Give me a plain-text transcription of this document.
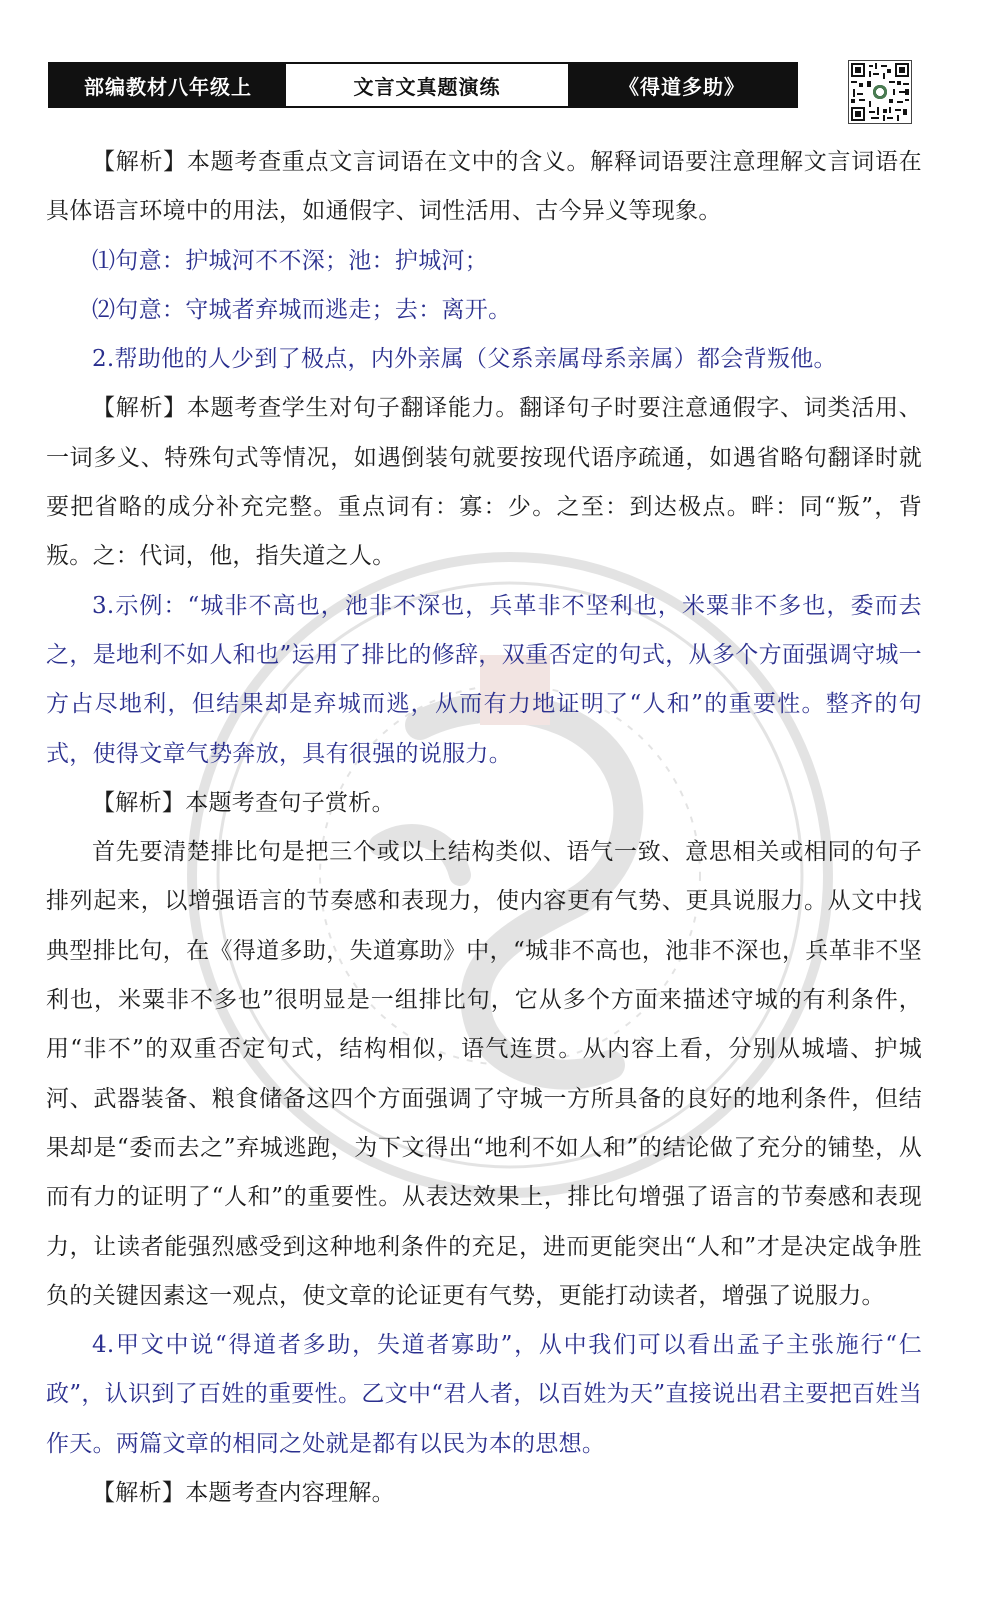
部编教材八年级上	文言文真题演练	《得道多助》

【解析】本题考查重点文言词语在文中的含义。解释词语要注意理解文言词语在具体语言环境中的用法，如通假字、词性活用、古今异义等现象。

⑴句意：护城河不不深；池：护城河；

⑵句意：守城者弃城而逃走；去：离开。

2.帮助他的人少到了极点，内外亲属（父系亲属母系亲属）都会背叛他。

【解析】本题考查学生对句子翻译能力。翻译句子时要注意通假字、词类活用、一词多义、特殊句式等情况，如遇倒装句就要按现代语序疏通，如遇省略句翻译时就要把省略的成分补充完整。重点词有：寡：少。之至：到达极点。畔：同“叛”，背叛。之：代词，他，指失道之人。

3.示例：“城非不高也，池非不深也，兵革非不坚利也，米粟非不多也，委而去之，是地利不如人和也”运用了排比的修辞，双重否定的句式，从多个方面强调守城一方占尽地利，但结果却是弃城而逃，从而有力地证明了“人和”的重要性。整齐的句式，使得文章气势奔放，具有很强的说服力。

【解析】本题考查句子赏析。

首先要清楚排比句是把三个或以上结构类似、语气一致、意思相关或相同的句子排列起来，以增强语言的节奏感和表现力，使内容更有气势、更具说服力。从文中找典型排比句，在《得道多助，失道寡助》中，“城非不高也，池非不深也，兵革非不坚利也，米粟非不多也”很明显是一组排比句，它从多个方面来描述守城的有利条件，用“非不”的双重否定句式，结构相似，语气连贯。从内容上看，分别从城墙、护城河、武器装备、粮食储备这四个方面强调了守城一方所具备的良好的地利条件，但结果却是“委而去之”弃城逃跑，为下文得出“地利不如人和”的结论做了充分的铺垫，从而有力的证明了“人和”的重要性。从表达效果上，排比句增强了语言的节奏感和表现力，让读者能强烈感受到这种地利条件的充足，进而更能突出“人和”才是决定战争胜负的关键因素这一观点，使文章的论证更有气势，更能打动读者，增强了说服力。

4.甲文中说“得道者多助，失道者寡助”，从中我们可以看出孟子主张施行“仁政”，认识到了百姓的重要性。乙文中“君人者，以百姓为天”直接说出君主要把百姓当作天。两篇文章的相同之处就是都有以民为本的思想。

【解析】本题考查内容理解。
